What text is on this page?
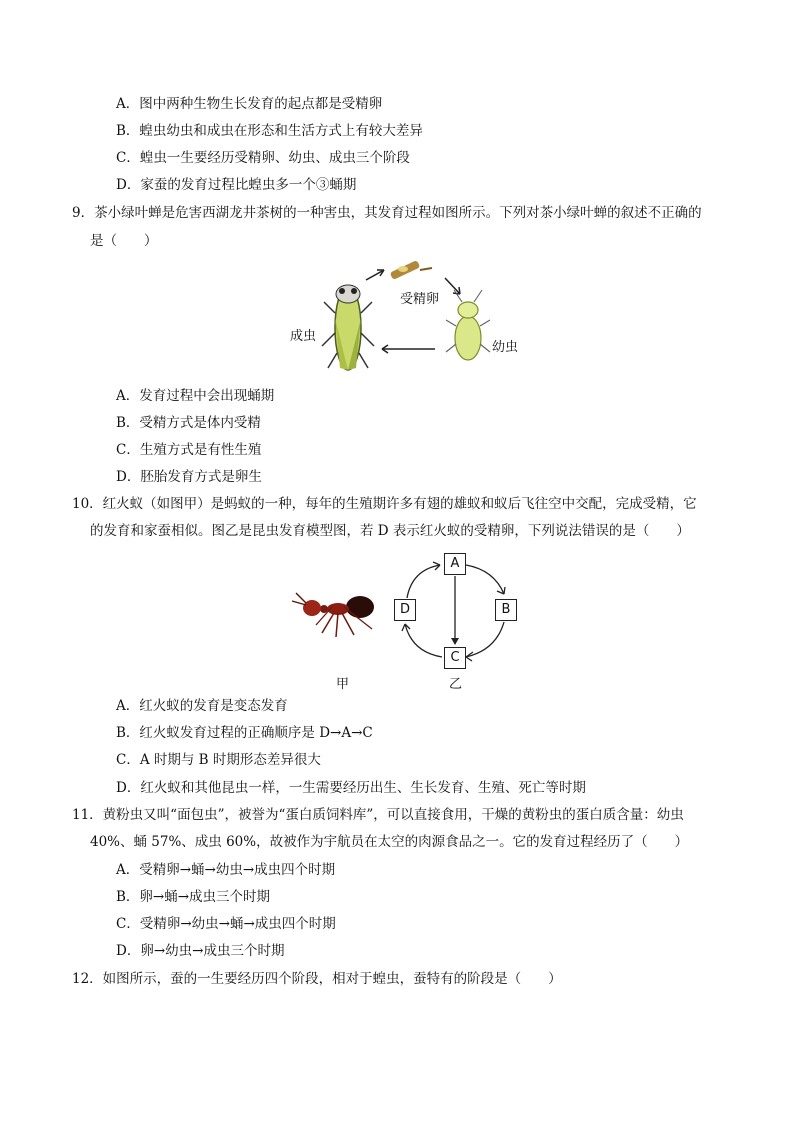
A．图中两种生物生长发育的起点都是受精卵
B．蝗虫幼虫和成虫在形态和生活方式上有较大差异
C．蝗虫一生要经历受精卵、幼虫、成虫三个阶段
D．家蚕的发育过程比蝗虫多一个③蛹期
9．茶小绿叶蝉是危害西湖龙井茶树的一种害虫，其发育过程如图所示。下列对茶小绿叶蝉的叙述不正确的
是（　　）
受精卵
成虫
幼虫
A．发育过程中会出现蛹期
B．受精方式是体内受精
C．生殖方式是有性生殖
D．胚胎发育方式是卵生
10．红火蚁（如图甲）是蚂蚁的一种，每年的生殖期许多有翅的雄蚁和蚁后飞往空中交配，完成受精，它
的发育和家蚕相似。图乙是昆虫发育模型图，若 D 表示红火蚁的受精卵，下列说法错误的是（　　）
A
D	B
C
甲	乙
A．红火蚁的发育是变态发育
B．红火蚁发育过程的正确顺序是 D→A→C
C．A 时期与 B 时期形态差异很大
D．红火蚁和其他昆虫一样，一生需要经历出生、生长发育、生殖、死亡等时期
11．黄粉虫又叫“面包虫”，被誉为“蛋白质饲料库”，可以直接食用，干燥的黄粉虫的蛋白质含量：幼虫
40%、蛹 57%、成虫 60%，故被作为宇航员在太空的肉源食品之一。它的发育过程经历了（　　）
A．受精卵→蛹→幼虫→成虫四个时期
B．卵→蛹→成虫三个时期
C．受精卵→幼虫→蛹→成虫四个时期
D．卵→幼虫→成虫三个时期
12．如图所示，蚕的一生要经历四个阶段，相对于蝗虫，蚕特有的阶段是（　　）
